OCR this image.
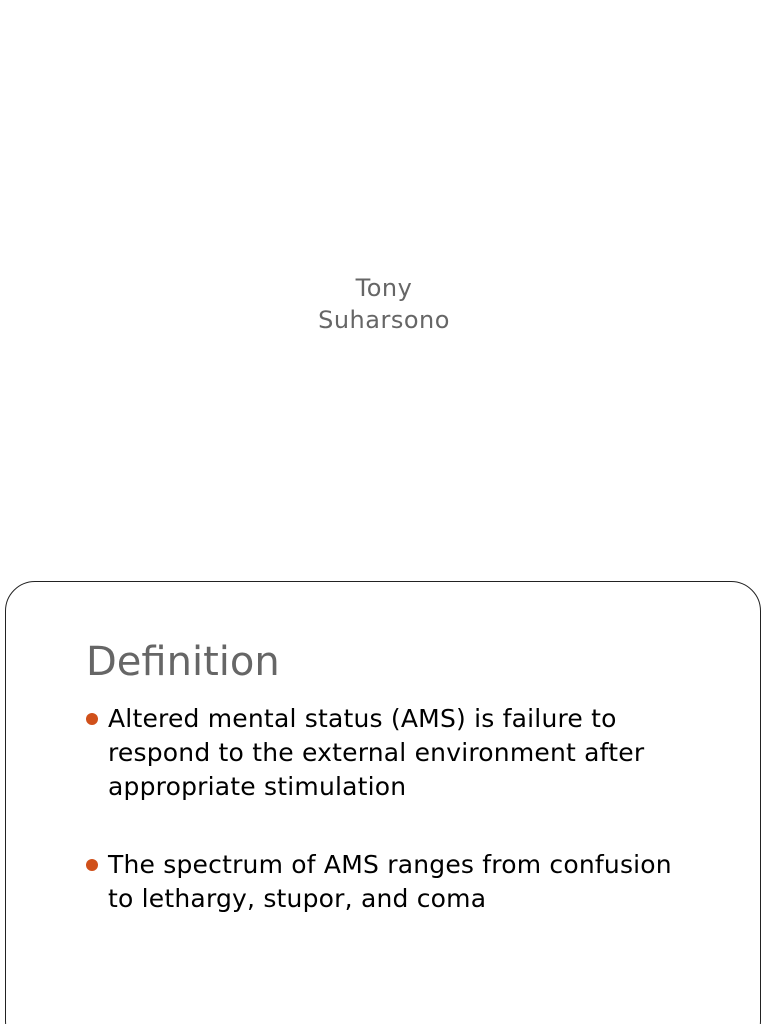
Tony
Suharsono
Definition
Altered mental status (AMS) is failure to respond to the external environment after appropriate stimulation
The spectrum of AMS ranges from confusion to lethargy, stupor, and coma
